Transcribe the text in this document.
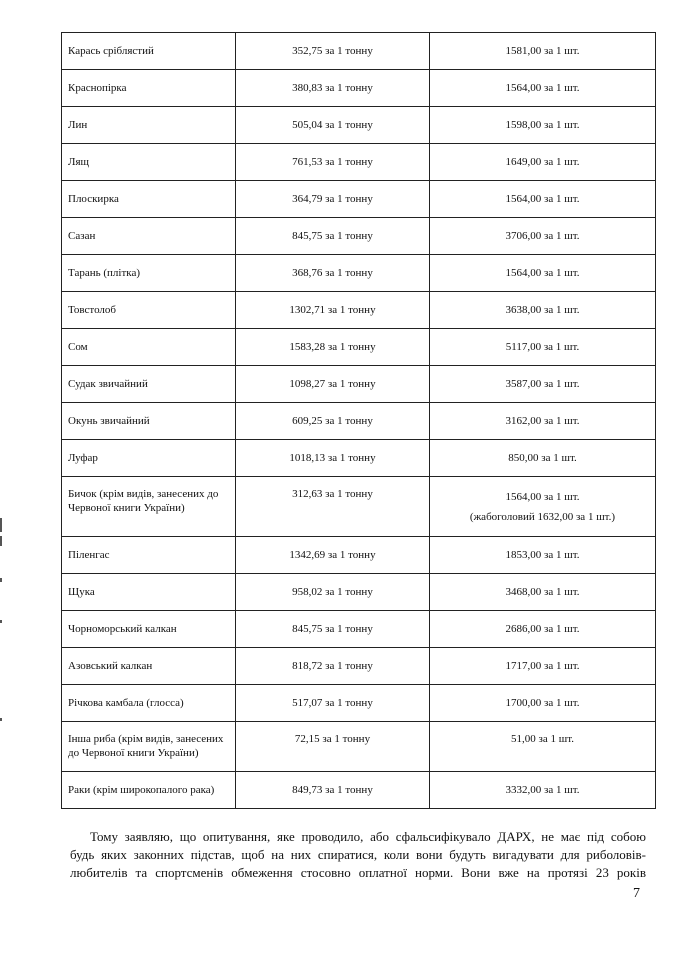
Карась сріблястий	352,75 за 1 тонну	1581,00 за 1 шт.
Краснопірка	380,83 за 1 тонну	1564,00 за 1 шт.
Лин	505,04 за 1 тонну	1598,00 за 1 шт.
Лящ	761,53 за 1 тонну	1649,00 за 1 шт.
Плоскирка	364,79 за 1 тонну	1564,00 за 1 шт.
Сазан	845,75 за 1 тонну	3706,00 за 1 шт.
Тарань (плітка)	368,76 за 1 тонну	1564,00 за 1 шт.
Товстолоб	1302,71 за 1 тонну	3638,00 за 1 шт.
Сом	1583,28 за 1 тонну	5117,00 за 1 шт.
Судак звичайний	1098,27 за 1 тонну	3587,00 за 1 шт.
Окунь звичайний	609,25 за 1 тонну	3162,00 за 1 шт.
Луфар	1018,13 за 1 тонну	850,00 за 1 шт.
Бичок (крім видів, занесених до Червоної книги України)	312,63 за 1 тонну	1564,00 за 1 шт.
(жабоголовий 1632,00 за 1 шт.)

Піленгас	1342,69 за 1 тонну	1853,00 за 1 шт.
Щука	958,02 за 1 тонну	3468,00 за 1 шт.
Чорноморський калкан	845,75 за 1 тонну	2686,00 за 1 шт.
Азовський калкан	818,72 за 1 тонну	1717,00 за 1 шт.
Річкова камбала (глосса)	517,07 за 1 тонну	1700,00 за 1 шт.
Інша риба (крім видів, занесених до Червоної книги України)	72,15 за 1 тонну	51,00 за 1 шт.
Раки (крім широкопалого рака)	849,73 за 1 тонну	3332,00 за 1 шт.
Тому заявляю, що опитування, яке проводило, або сфальсифікувало ДАРХ, не має під собою
будь яких законних підстав, щоб на них спиратися, коли вони будуть вигадувати для риболовів-
любителів та спортсменів обмеження стосовно оплатної норми. Вони вже на протязі 23 років
7
